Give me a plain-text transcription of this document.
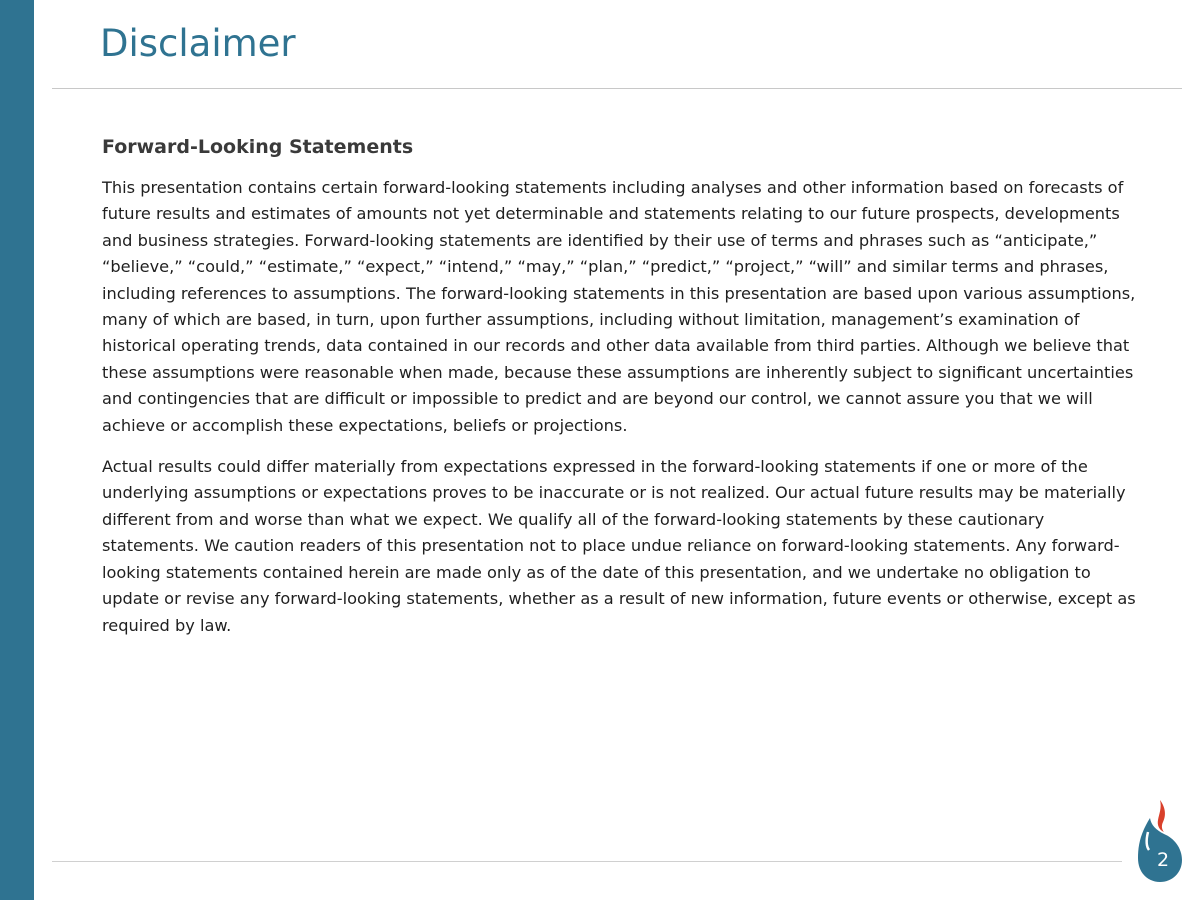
Disclaimer
Forward-Looking Statements

This presentation contains certain forward-looking statements including analyses and other information based on forecasts of future results and estimates of amounts not yet determinable and statements relating to our future prospects, developments and business strategies. Forward-looking statements are identified by their use of terms and phrases such as “anticipate,” “believe,” “could,” “estimate,” “expect,” “intend,” “may,” “plan,” “predict,” “project,” “will” and similar terms and phrases, including references to assumptions. The forward-looking statements in this presentation are based upon various assumptions, many of which are based, in turn, upon further assumptions, including without limitation, management’s examination of historical operating trends, data contained in our records and other data available from third parties. Although we believe that these assumptions were reasonable when made, because these assumptions are inherently subject to significant uncertainties and contingencies that are difficult or impossible to predict and are beyond our control, we cannot assure you that we will achieve or accomplish these expectations, beliefs or projections.

Actual results could differ materially from expectations expressed in the forward-looking statements if one or more of the underlying assumptions or expectations proves to be inaccurate or is not realized. Our actual future results may be materially different from and worse than what we expect. We qualify all of the forward-looking statements by these cautionary statements. We caution readers of this presentation not to place undue reliance on forward-looking statements. Any forward-looking statements contained herein are made only as of the date of this presentation, and we undertake no obligation to update or revise any forward-looking statements, whether as a result of new information, future events or otherwise, except as required by law.

2
